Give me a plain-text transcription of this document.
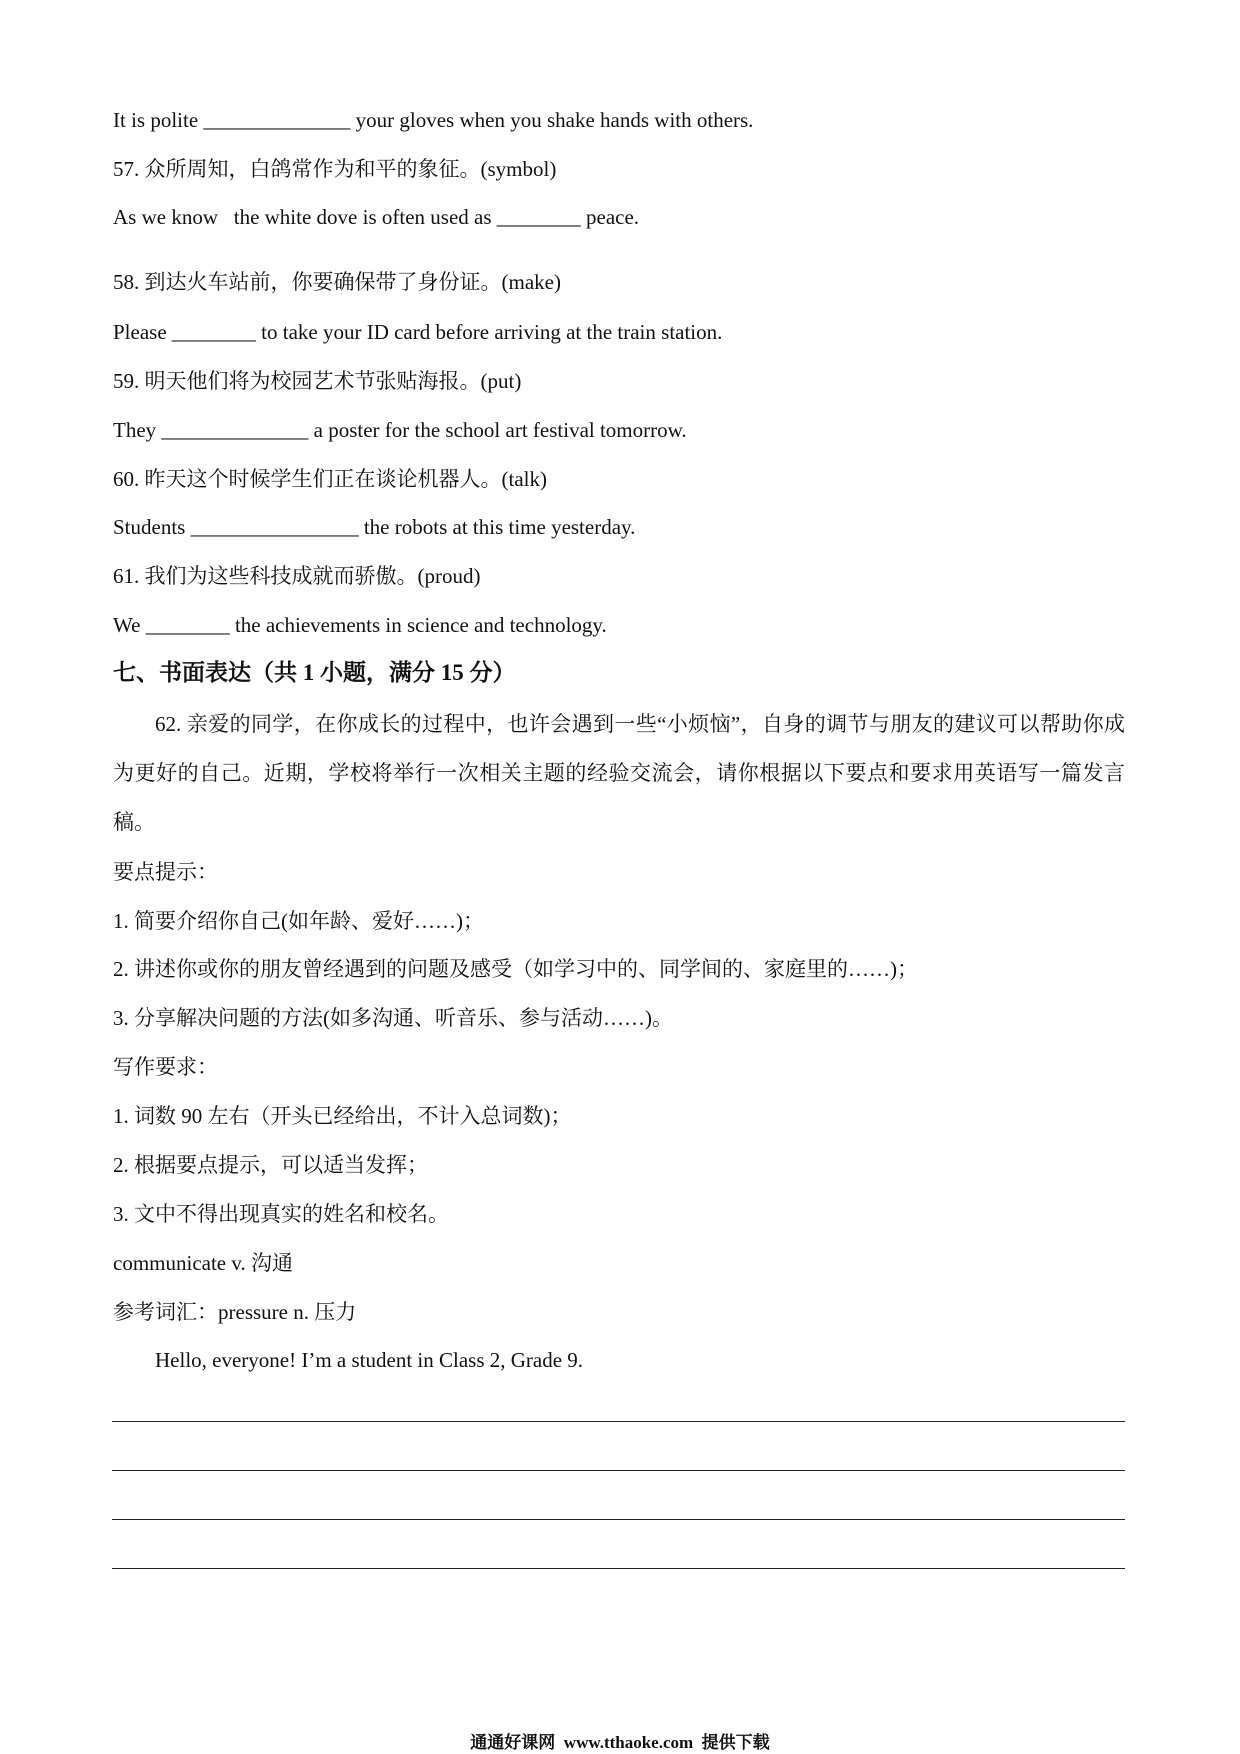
It is polite ______________ your gloves when you shake hands with others.
57. 众所周知，白鸽常作为和平的象征。(symbol)
As we know   the white dove is often used as ________ peace.
58. 到达火车站前，你要确保带了身份证。(make)
Please ________ to take your ID card before arriving at the train station.
59. 明天他们将为校园艺术节张贴海报。(put)
They ______________ a poster for the school art festival tomorrow.
60. 昨天这个时候学生们正在谈论机器人。(talk)
Students ________________ the robots at this time yesterday.
61. 我们为这些科技成就而骄傲。(proud)
We ________ the achievements in science and technology.
七、书面表达（共 1 小题，满分 15 分）
62. 亲爱的同学，在你成长的过程中，也许会遇到一些“小烦恼”，自身的调节与朋友的建议可以帮助你成为更好的自己。近期，学校将举行一次相关主题的经验交流会，请你根据以下要点和要求用英语写一篇发言稿。
要点提示：
1. 简要介绍你自己(如年龄、爱好……)；
2. 讲述你或你的朋友曾经遇到的问题及感受（如学习中的、同学间的、家庭里的……)；
3. 分享解决问题的方法(如多沟通、听音乐、参与活动……)。
写作要求：
1. 词数 90 左右（开头已经给出，不计入总词数)；
2. 根据要点提示，可以适当发挥；
3. 文中不得出现真实的姓名和校名。
communicate v. 沟通
参考词汇：pressure n. 压力
Hello, everyone! I’m a student in Class 2, Grade 9.
通通好课网  www.tthaoke.com  提供下载
